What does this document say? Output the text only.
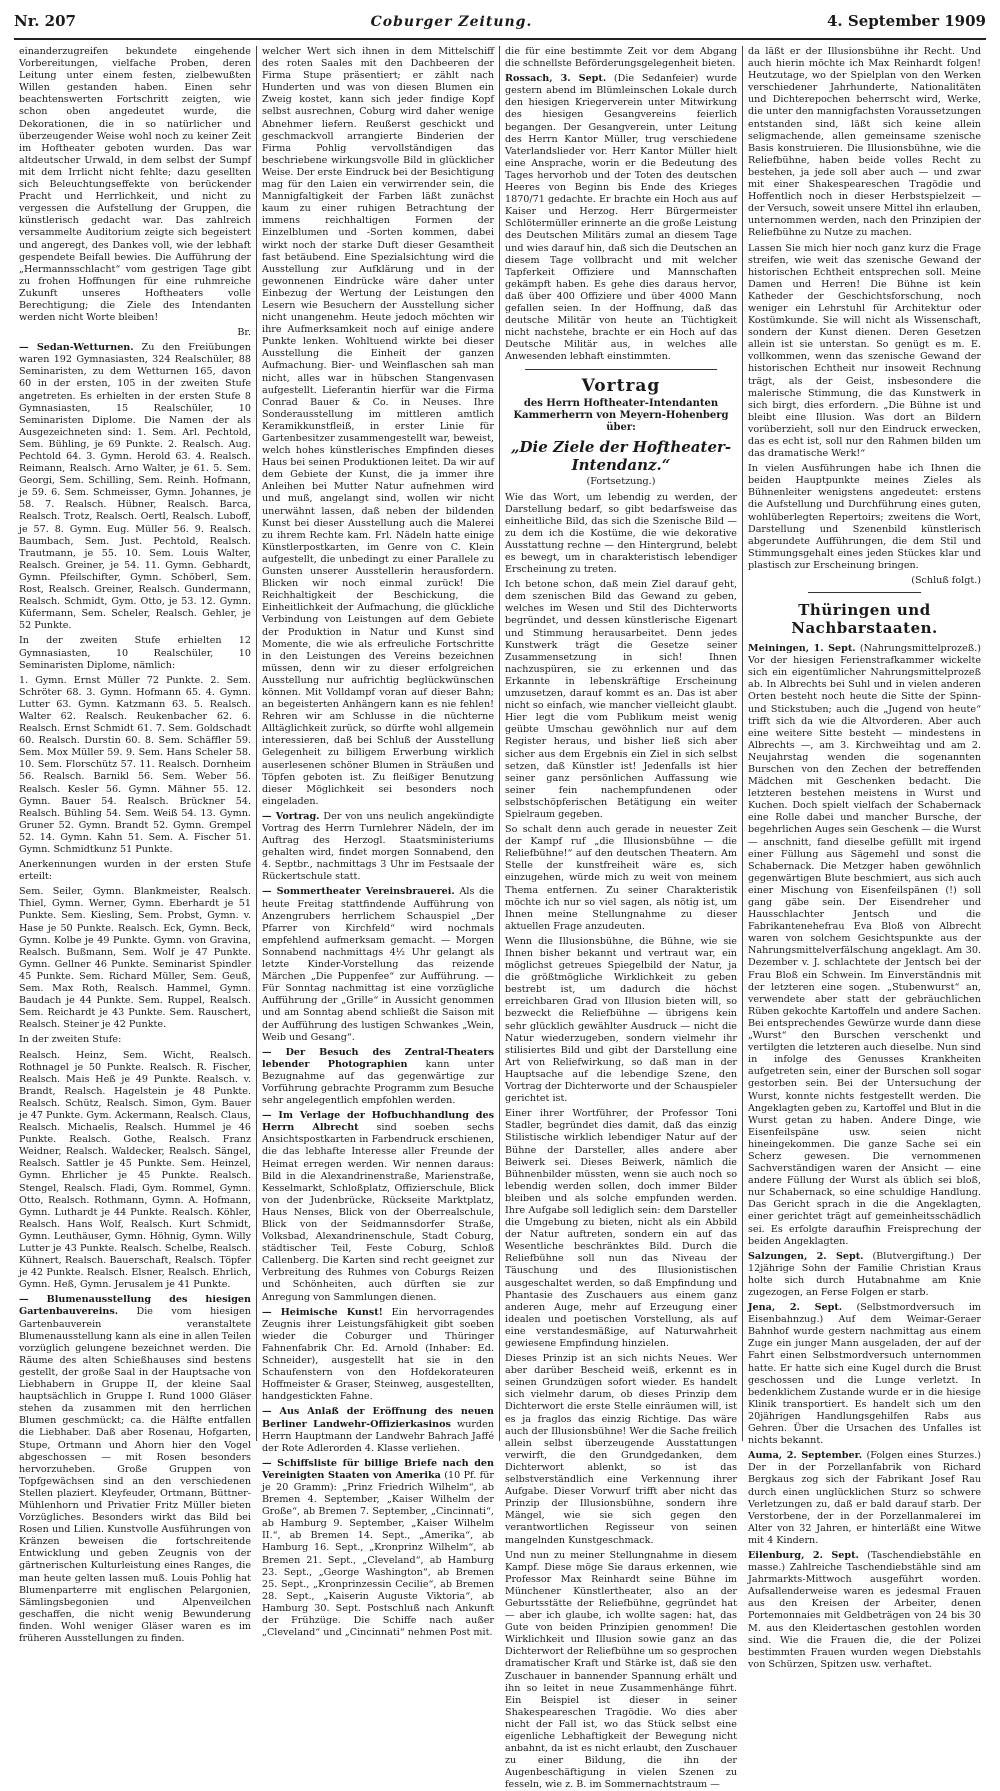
Nr. 207	Coburger Zeitung.	4. September 1909

einanderzugreifen bekundete eingehende Vorbereitungen, vielfache Proben, deren Leitung unter einem festen, zielbewußten Willen gestanden haben. Einen sehr beachtenswerten Fortschritt zeigten, wie schon oben angedeutet wurde, die Dekorationen, die in so natürlicher und überzeugender Weise wohl noch zu keiner Zeit im Hoftheater geboten wurden. Das war altdeutscher Urwald, in dem selbst der Sumpf mit dem Irrlicht nicht fehlte; dazu gesellten sich Beleuchtungseffekte von berückender Pracht und Herrlichkeit, und nicht zu vergessen die Aufstellung der Gruppen, die künstlerisch gedacht war. Das zahlreich versammelte Auditorium zeigte sich begeistert und angeregt, des Dankes voll, wie der lebhaft gespendete Beifall bewies. Die Aufführung der „Hermannsschlacht“ vom gestrigen Tage gibt zu frohen Hoffnungen für eine ruhmreiche Zukunft unseres Hoftheaters volle Berechtigung; die Ziele des Intendanten werden nicht Worte bleiben!

Br.

— Sedan-Wetturnen. Zu den Freiübungen waren 192 Gymnasiasten, 324 Realschüler, 88 Seminaristen, zu dem Wetturnen 165, davon 60 in der ersten, 105 in der zweiten Stufe angetreten. Es erhielten in der ersten Stufe 8 Gymnasiasten, 15 Realschüler, 10 Seminaristen Diplome. Die Namen der als Ausgezeichneten sind: 1. Sem. Arl. Pechtold, Sem. Bühling, je 69 Punkte. 2. Realsch. Aug. Pechtold 64. 3. Gymn. Herold 63. 4. Realsch. Reimann, Realsch. Arno Walter, je 61. 5. Sem. Georgi, Sem. Schilling, Sem. Reinh. Hofmann, je 59. 6. Sem. Schmeisser, Gymn. Johannes, je 58. 7. Realsch. Hübner, Realsch. Barca, Realsch. Trotz, Realsch. Oertl, Realsch. Luboff, je 57. 8. Gymn. Eug. Müller 56. 9. Realsch. Baumbach, Sem. Just. Pechtold, Realsch. Trautmann, je 55. 10. Sem. Louis Walter, Realsch. Greiner, je 54. 11. Gymn. Gebhardt, Gymn. Pfeilschifter, Gymn. Schöberl, Sem. Rost, Realsch. Greiner, Realsch. Gundermann, Realsch. Schmidt, Gym. Otto, je 53. 12. Gymn. Küfermann, Sem. Scheler, Realsch. Gehler, je 52 Punkte.

In der zweiten Stufe erhielten 12 Gymnasiasten, 10 Realschüler, 10 Seminaristen Diplome, nämlich:

1. Gymn. Ernst Müller 72 Punkte. 2. Sem. Schröter 68. 3. Gymn. Hofmann 65. 4. Gymn. Lutter 63. Gymn. Katzmann 63. 5. Realsch. Walter 62. Realsch. Reukenbacher 62. 6. Realsch. Ernst Schmidt 61. 7. Sem. Goldschadt 60. Realsch. Durstin 60. 8. Sem. Schäffler 59. Sem. Mox Müller 59. 9. Sem. Hans Scheler 58. 10. Sem. Florschütz 57. 11. Realsch. Dornheim 56. Realsch. Barnikl 56. Sem. Weber 56. Realsch. Kesler 56. Gymn. Mähner 55. 12. Gymn. Bauer 54. Realsch. Brückner 54. Realsch. Bühling 54. Sem. Weiß 54. 13. Gymn. Gruner 52. Gymn. Brandt 52. Gymn. Grempel 52. 14. Gymn. Kahn 51. Sem. A. Fischer 51. Gymn. Schmidtkunz 51 Punkte.

Anerkennungen wurden in der ersten Stufe erteilt:

Sem. Seiler, Gymn. Blankmeister, Realsch. Thiel, Gymn. Werner, Gymn. Eberhardt je 51 Punkte. Sem. Kiesling, Sem. Probst, Gymn. v. Hase je 50 Punkte. Realsch. Eck, Gymn. Beck, Gymn. Kolbe je 49 Punkte. Gymn. von Gravina, Realsch. Bußmann, Sem. Wolf je 47 Punkte. Gymn. Gellner 46 Punkte. Seminarist Spindler 45 Punkte. Sem. Richard Müller, Sem. Geuß, Sem. Max Roth, Realsch. Hammel, Gymn. Baudach je 44 Punkte. Sem. Ruppel, Realsch. Sem. Reichardt je 43 Punkte. Sem. Rauschert, Realsch. Steiner je 42 Punkte.

In der zweiten Stufe:

Realsch. Heinz, Sem. Wicht, Realsch. Rothnagel je 50 Punkte. Realsch. R. Fischer, Realsch. Mais Heß je 49 Punkte. Realsch. v. Brandt, Realsch. Hagelstein je 48 Punkte. Realsch. Schütz, Realsch. Simon, Gym. Bauer je 47 Punkte. Gym. Ackermann, Realsch. Claus, Realsch. Michaelis, Realsch. Hummel je 46 Punkte. Realsch. Gothe, Realsch. Franz Weidner, Realsch. Waldecker, Realsch. Sängel, Realsch. Sattler je 45 Punkte. Sem. Heinzel, Gymn. Ehrlicher je 45 Punkte. Realsch. Stengel, Realsch. Fladi, Gym. Rommel, Gymn. Otto, Realsch. Rothmann, Gymn. A. Hofmann, Gymn. Luthardt je 44 Punkte. Realsch. Köhler, Realsch. Hans Wolf, Realsch. Kurt Schmidt, Gymn. Leuthäuser, Gymn. Höhnig, Gymn. Willy Lutter je 43 Punkte. Realsch. Schelbe, Realsch. Kühnert, Realsch. Bauerschaft, Realsch. Töpfer je 42 Punkte. Realsch. Elsner, Realsch. Ehrlich, Gymn. Heß, Gymn. Jerusalem je 41 Punkte.

— Blumenausstellung des hiesigen Gartenbauvereins. Die vom hiesigen Gartenbauverein veranstaltete Blumenausstellung kann als eine in allen Teilen vorzüglich gelungene bezeichnet werden. Die Räume des alten Schießhauses sind bestens gestellt, der große Saal in der Hauptsache von Liebhabern in Gruppe II, der kleine Saal hauptsächlich in Gruppe I. Rund 1000 Gläser stehen da zusammen mit den herrlichen Blumen geschmückt; ca. die Hälfte entfallen die Liebhaber. Daß aber Rosenau, Hofgarten, Stupe, Ortmann und Ahorn hier den Vogel abgeschossen — mit Rosen besonders hervorzuheben. Große Gruppen von Topfgewächsen sind an den verschiedenen Stellen plaziert. Kleyfeuder, Ortmann, Büttner-Mühlenhorn und Privatier Fritz Müller bieten Vorzügliches. Besonders wirkt das Bild bei Rosen und Lilien. Kunstvolle Ausführungen von Kränzen beweisen die fortschreitende Entwicklung und geben Zeugnis von der gärtnerischen Kulturleistung eines Ranges, die man heute gelten lassen muß. Louis Pohlig hat Blumenparterre mit englischen Pelargonien, Sämlingsbegonien und Alpenveilchen geschaffen, die nicht wenig Bewunderung finden. Wohl weniger Gläser waren es im früheren Ausstellungen zu finden.

welcher Wert sich ihnen in dem Mittelschiff des roten Saales mit den Dachbeeren der Firma Stupe präsentiert; er zählt nach Hunderten und was von diesen Blumen ein Zweig kostet, kann sich jeder findige Kopf selbst ausrechnen, Coburg wird daher wenige Abnehmer liefern. Reußerst geschickt und geschmackvoll arrangierte Binderien der Firma Pohlig vervollständigen das beschriebene wirkungsvolle Bild in glücklicher Weise. Der erste Eindruck bei der Besichtigung mag für den Laien ein verwirrender sein, die Mannigfaltigkeit der Farben läßt zunächst kaum zu einer ruhigen Betrachtung der immens reichhaltigen Formen der Einzelblumen und -Sorten kommen, dabei wirkt noch der starke Duft dieser Gesamtheit fast betäubend. Eine Spezialsichtung wird die Ausstellung zur Aufklärung und in der gewonnenen Eindrücke wäre daher unter Einbezug der Wertung der Leistungen den Lesern wie Besuchern der Ausstellung sicher nicht unangenehm. Heute jedoch möchten wir ihre Aufmerksamkeit noch auf einige andere Punkte lenken. Wohltuend wirkte bei dieser Ausstellung die Einheit der ganzen Aufmachung. Bier- und Weinflaschen sah man nicht, alles war in hübschen Stangenvasen aufgestellt. Lieferantin hierfür war die Firma Conrad Bauer & Co. in Neuses. Ihre Sonderausstellung im mittleren amtlich Keramikkunstfleiß, in erster Linie für Gartenbesitzer zusammengestellt war, beweist, welch hohes künstlerisches Empfinden dieses Haus bei seinen Produktionen leitet. Da wir auf dem Gebiete der Kunst, die ja immer ihre Anleihen bei Mutter Natur aufnehmen wird und muß, angelangt sind, wollen wir nicht unerwähnt lassen, daß neben der bildenden Kunst bei dieser Ausstellung auch die Malerei zu ihrem Rechte kam. Frl. Nädeln hatte einige Künstlerpostkarten, im Genre von C. Klein aufgestellt, die unbedingt zu einer Parallele zu Gunsten unserer Ausstellerin herausfordern. Blicken wir noch einmal zurück! Die Reichhaltigkeit der Beschickung, die Einheitlichkeit der Aufmachung, die glückliche Verbindung von Leistungen auf dem Gebiete der Produktion in Natur und Kunst sind Momente, die wie als erfreuliche Fortschritte in den Leistungen des Vereins bezeichnen müssen, denn wir zu dieser erfolgreichen Ausstellung nur aufrichtig beglückwünschen können. Mit Volldampf voran auf dieser Bahn; an begeisterten Anhängern kann es nie fehlen! Rehren wir am Schlusse in die nüchterne Alltäglichkeit zurück, so dürfte wohl allgemein interessieren, daß bei Schluß der Ausstellung Gelegenheit zu billigem Erwerbung wirklich auserlesenen schöner Blumen in Sträußen und Töpfen geboten ist. Zu fleißiger Benutzung dieser Möglichkeit sei besonders noch eingeladen.

— Vortrag. Der von uns neulich angekündigte Vortrag des Herrn Turnlehrer Nädeln, der im Auftrag des Herzogl. Staatsministeriums gehalten wird, findet morgen Sonnabend, den 4. Septbr., nachmittags 3 Uhr im Festsaale der Rückertschule statt.

— Sommertheater Vereinsbrauerei. Als die heute Freitag stattfindende Aufführung von Anzengrubers herrlichem Schauspiel „Der Pfarrer von Kirchfeld“ wird nochmals empfehlend aufmerksam gemacht. — Morgen Sonnabend nachmittags 4½ Uhr gelangt als letzte Kinder-Vorstellung das reizende Märchen „Die Puppenfee“ zur Aufführung. — Für Sonntag nachmittag ist eine vorzügliche Aufführung der „Grille“ in Aussicht genommen und am Sonntag abend schließt die Saison mit der Aufführung des lustigen Schwankes „Wein, Weib und Gesang“.

— Der Besuch des Zentral-Theaters lebender Photographien kann unter Bezugnahme auf das gegenwärtige zur Vorführung gebrachte Programm zum Besuche sehr angelegentlich empfohlen werden.

— Im Verlage der Hofbuchhandlung des Herrn Albrecht sind soeben sechs Ansichtspostkarten in Farbendruck erschienen, die das lebhafte Interesse aller Freunde der Heimat erregen werden. Wir nennen daraus: Bild in die Alexandrinenstraße, Marienstraße, Kesselmarkt, Schloßplatz, Offizierschule, Blick von der Judenbrücke, Rückseite Marktplatz, Haus Nenses, Blick von der Oberrealschule, Blick von der Seidmannsdorfer Straße, Volksbad, Alexandrinenschule, Stadt Coburg, städtischer Teil, Feste Coburg, Schloß Callenberg. Die Karten sind recht geeignet zur Verbreitung des Ruhmes von Coburgs Reizen und Schönheiten, auch dürften sie zur Anregung von Sammlungen dienen.

— Heimische Kunst! Ein hervorragendes Zeugnis ihrer Leistungsfähigkeit gibt soeben wieder die Coburger und Thüringer Fahnenfabrik Chr. Ed. Arnold (Inhaber: Ed. Schneider), ausgestellt hat sie in den Schaufenstern von den Hofdekorateuren Hoffmeister & Graser, Steinweg, ausgestellten, handgestickten Fahne.

— Aus Anlaß der Eröffnung des neuen Berliner Landwehr-Offizierkasinos wurden Herrn Hauptmann der Landwehr Bahrach Jaffé der Rote Adlerorden 4. Klasse verliehen.

— Schiffsliste für billige Briefe nach den Vereinigten Staaten von Amerika (10 Pf. für je 20 Gramm): „Prinz Friedrich Wilhelm“, ab Bremen 4. September, „Kaiser Wilhelm der Große“, ab Bremen 7. September, „Cincinnati“, ab Hamburg 9. September, „Kaiser Wilhelm II.“, ab Bremen 14. Sept., „Amerika“, ab Hamburg 16. Sept., „Kronprinz Wilhelm“, ab Bremen 21. Sept., „Cleveland“, ab Hamburg 23. Sept., „George Washington“, ab Bremen 25. Sept., „Kronprinzessin Cecilie“, ab Bremen 28. Sept., „Kaiserin Auguste Viktoria“, ab Hamburg 30. Sept. Postschluß nach Ankunft der Frühzüge. Die Schiffe nach außer „Cleveland“ und „Cincinnati“ nehmen Post mit.

die für eine bestimmte Zeit vor dem Abgang die schnellste Beförderungsgelegenheit bieten.

Rossach, 3. Sept. (Die Sedanfeier) wurde gestern abend im Blümleinschen Lokale durch den hiesigen Kriegerverein unter Mitwirkung des hiesigen Gesangvereins feierlich begangen. Der Gesangverein, unter Leitung des Herrn Kantor Müller, trug verschiedene Vaterlandslieder vor. Herr Kantor Müller hielt eine Ansprache, worin er die Bedeutung des Tages hervorhob und der Toten des deutschen Heeres von Beginn bis Ende des Krieges 1870/71 gedachte. Er brachte ein Hoch aus auf Kaiser und Herzog. Herr Bürgermeister Schlötermüller erinnerte an die große Leistung des Deutschen Militärs zumal an diesem Tage und wies darauf hin, daß sich die Deutschen an diesem Tage vollbracht und mit welcher Tapferkeit Offiziere und Mannschaften gekämpft haben. Es gehe dies daraus hervor, daß über 400 Offiziere und über 4000 Mann gefallen seien. In der Hoffnung, daß das deutsche Militär von heute an Tüchtigkeit nicht nachstehe, brachte er ein Hoch auf das Deutsche Militär aus, in welches alle Anwesenden lebhaft einstimmten.

Vortrag
des Herrn Hoftheater-Intendanten
Kammerherrn von Meyern-Hohenberg
über:
„Die Ziele der Hoftheater-Intendanz.“

(Fortsetzung.)

Wie das Wort, um lebendig zu werden, der Darstellung bedarf, so gibt bedarfsweise das einheitliche Bild, das sich die Szenische Bild — zu dem ich die Kostüme, die wie dekorative Ausstattung rechne — den Hintergrund, belebt es bewegt, um in charakteristisch lebendiger Erscheinung zu treten.

Ich betone schon, daß mein Ziel darauf geht, dem szenischen Bild das Gewand zu geben, welches im Wesen und Stil des Dichterworts begründet, und dessen künstlerische Eigenart und Stimmung herausarbeitet. Denn jedes Kunstwerk trägt die Gesetze seiner Zusammensetzung in sich! Ihnen nachzuspüren, sie zu erkennen und das Erkannte in lebenskräftige Erscheinung umzusetzen, darauf kommt es an. Das ist aber nicht so einfach, wie mancher vielleicht glaubt. Hier legt die vom Publikum meist wenig geübte Umschau gewöhnlich nur auf dem Register heraus, und bisher ließ sich aber sicher aus dem Ergebnis ein Ziel in sich selbst setzen, daß Künstler ist! Jedenfalls ist hier seiner ganz persönlichen Auffassung wie seiner fein nachempfundenen oder selbstschöpferischen Betätigung ein weiter Spielraum gegeben.

So schalt denn auch gerade in neuester Zeit der Kampf ruf „die Illusionsbühne — die Reliefbühne!“ auf den deutschen Theatern. Am Stelle der kunstfreiheit wäre es, sich einzugehen, würde mich zu weit von meinem Thema entfernen. Zu seiner Charakteristik möchte ich nur so viel sagen, als nötig ist, um Ihnen meine Stellungnahme zu dieser aktuellen Frage anzudeuten.

Wenn die Illusionsbühne, die Bühne, wie sie Ihnen bisher bekannt und vertraut war, ein möglichst getreues Spiegelbild der Natur, ja die größtmögliche Wirklichkeit zu geben bestrebt ist, um dadurch die höchst erreichbaren Grad von Illusion bieten will, so bezweckt die Reliefbühne — übrigens kein sehr glücklich gewählter Ausdruck — nicht die Natur wiederzugeben, sondern vielmehr ihr stilisiertes Bild und gibt der Darstellung eine Art von Reliefwirkung, so daß man in der Hauptsache auf die lebendige Szene, den Vortrag der Dichterworte und der Schauspieler gerichtet ist.

Einer ihrer Wortführer, der Professor Toni Stadler, begründet dies damit, daß das einzig Stilistische wirklich lebendiger Natur auf der Bühne der Darsteller, alles andere aber Beiwerk sei. Dieses Beiwerk, nämlich die Bühnenbilder müssten, wenn sie auch noch so lebendig werden sollen, doch immer Bilder bleiben und als solche empfunden werden. Ihre Aufgabe soll lediglich sein: dem Darsteller die Umgebung zu bieten, nicht als ein Abbild der Natur auftreten, sondern ein auf das Wesentliche beschränktes Bild. Durch die Reliefbühne soll nun das Niveau der Täuschung und des Illusionistischen ausgeschaltet werden, so daß Empfindung und Phantasie des Zuschauers aus einem ganz anderen Auge, mehr auf Erzeugung einer idealen und poetischen Vorstellung, als auf eine verstandesmäßige, auf Naturwahrheit gewiesene Empfindung hinzielen.

Dieses Prinzip ist an sich nichts Neues. Wer aber darüber Bescheid weiß, erkennt es in seinen Grundzügen sofort wieder. Es handelt sich vielmehr darum, ob dieses Prinzip dem Dichterwort die erste Stelle einräumen will, ist es ja fraglos das einzig Richtige. Das wäre auch der Illusionsbühne! Wer die Sache freilich allein selbst überzeugende Ausstattungen verwirft, die den Grundgedanken, dem Dichterwort ablenkt, so ist das selbstverständlich eine Verkennung ihrer Aufgabe. Dieser Vorwurf trifft aber nicht das Prinzip der Illusionsbühne, sondern ihre Mängel, wie sie sich gegen den verantwortlichen Regisseur von seinen mangelnden Kunstgeschmack.

Und nun zu meiner Stellungnahme in diesem Kampf. Diese möge Sie daraus erkennen, wie Professor Max Reinhardt seine Bühne im Münchener Künstlertheater, also an der Geburtsstätte der Reliefbühne, gegründet hat — aber ich glaube, ich wollte sagen: hat, das Gute von beiden Prinzipien genommen! Die Wirklichkeit und Illusion sowie ganz an das Dichterwort der Reliefbühne um so gesprochen dramatischer Kraft und Stärke ist, daß sie den Zuschauer in bannender Spannung erhält und ihn so leitet in neue Zusammenhänge führt. Ein Beispiel ist dieser in seiner Shakespeareschen Tragödie. Wo dies aber nicht der Fall ist, wo das Stück selbst eine eigenliche Lebhaftigkeit der Bewegung nicht anbahnt, da ist es nicht erlaubt, den Zuschauer zu einer Bildung, die ihn der Augenbeschäftigung in vielen Szenen zu fesseln, wie z. B. im Sommernachtstraum —

da läßt er der Illusionsbühne ihr Recht. Und auch hierin möchte ich Max Reinhardt folgen! Heutzutage, wo der Spielplan von den Werken verschiedener Jahrhunderte, Nationalitäten und Dichterepochen beherrscht wird, Werke, die unter den mannigfachsten Voraussetzungen entstanden sind, läßt sich keine allein seligmachende, allen gemeinsame szenische Basis konstruieren. Die Illusionsbühne, wie die Reliefbühne, haben beide volles Recht zu bestehen, ja jede soll aber auch — und zwar mit einer Shakespeareschen Tragödie und Hoffentlich noch in dieser Herbstspielzeit — der Versuch, soweit unsere Mittel ihn erlauben, unternommen werden, nach den Prinzipien der Reliefbühne zu Nutze zu machen.

Lassen Sie mich hier noch ganz kurz die Frage streifen, wie weit das szenische Gewand der historischen Echtheit entsprechen soll. Meine Damen und Herren! Die Bühne ist kein Katheder der Geschichtsforschung, noch weniger ein Lehrstuhl für Architektur oder Kostümkunde. Sie will nicht als Wissenschaft, sondern der Kunst dienen. Deren Gesetzen allein ist sie unterstan. So genügt es m. E. vollkommen, wenn das szenische Gewand der historischen Echtheit nur insoweit Rechnung trägt, als der Geist, insbesondere die malerische Stimmung, die das Kunstwerk in sich birgt, dies erfordern. „Die Bühne ist und bleibt eine Illusion. Was dort an Bildern vorüberzieht, soll nur den Eindruck erwecken, das es echt ist, soll nur den Rahmen bilden um das dramatische Werk!“

In vielen Ausführungen habe ich Ihnen die beiden Hauptpunkte meines Zieles als Bühnenleiter wenigstens angedeutet: erstens die Aufstellung und Durchführung eines guten, wohlüberlegten Repertoirs; zweitens die Wort, Darstellung und Szenenbild künstlerisch abgerundete Aufführungen, die dem Stil und Stimmungsgehalt eines jeden Stückes klar und plastisch zur Erscheinung bringen.

(Schluß folgt.)
Thüringen und Nachbarstaaten.

Meiningen, 1. Sept. (Nahrungsmittelprozeß.) Vor der hiesigen Ferienstrafkammer wickelte sich ein eigentümlicher Nahrungsmittelprozeß ab. In Albrechts bei Suhl und in vielen anderen Orten besteht noch heute die Sitte der Spinn- und Stickstuben; auch die „Jugend von heute“ trifft sich da wie die Altvorderen. Aber auch eine weitere Sitte besteht — mindestens in Albrechts —, am 3. Kirchweihtag und am 2. Neujahrstag wenden die sogenannten Burschen von den Zechen der betreffenden Mädchen mit Geschenken bedacht. Die letzteren bestehen meistens in Wurst und Kuchen. Doch spielt vielfach der Schabernack eine Rolle dabei und mancher Bursche, der begehrlichen Auges sein Geschenk — die Wurst — anschnitt, fand dieselbe gefüllt mit irgend einer Füllung aus Sägemehl und sonst die Schabernack. Die Metzger haben gewöhnlich gegenwärtigen Blute beschmiert, aus sich auch einer Mischung von Eisenfeilspänen (!) soll gang gäbe sein. Der Eisendreher und Hausschlachter Jentsch und die Fabrikantenehefrau Eva Bloß von Albrecht waren von solchem Gesichtspunkte aus der Nahrungsmittelverfälschung angeklagt. Am 30. Dezember v. J. schlachtete der Jentsch bei der Frau Bloß ein Schwein. Im Einverständnis mit der letzteren eine sogen. „Stubenwurst“ an, verwendete aber statt der gebräuchlichen Rüben gekochte Kartoffeln und andere Sachen. Bei entsprechendes Gewürze wurde dann diese „Wurst“ den Burschen verschenkt und vertilgten die letzteren auch dieselbe. Nun sind in infolge des Genusses Krankheiten aufgetreten sein, einer der Burschen soll sogar gestorben sein. Bei der Untersuchung der Wurst, konnte nichts festgestellt werden. Die Angeklagten geben zu, Kartoffel und Blut in die Wurst getan zu haben. Andere Dinge, wie Eisenfeilspäne usw. seien nicht hineingekommen. Die ganze Sache sei ein Scherz gewesen. Die vernommenen Sachverständigen waren der Ansicht — eine andere Füllung der Wurst als üblich sei bloß, nur Schabernack, so eine schuldige Handlung. Das Gericht sprach in die die Angeklagten, einer gerichtet trägt auf gemeinheitsschädlich sei. Es erfolgte daraufhin Freisprechung der beiden Angeklagten.

Salzungen, 2. Sept. (Blutvergiftung.) Der 12jährige Sohn der Familie Christian Kraus holte sich durch Hutabnahme am Knie zugezogen, an Ferse Folgen er starb.

Jena, 2. Sept. (Selbstmordversuch im Eisenbahnzug.) Auf dem Weimar-Geraer Bahnhof wurde gestern nachmittag aus einem Zuge ein junger Mann ausgeladen, der auf der Fahrt einen Selbstmordversuch unternommen hatte. Er hatte sich eine Kugel durch die Brust geschossen und die Lunge verletzt. In bedenklichem Zustande wurde er in die hiesige Klinik transportiert. Es handelt sich um den 20jährigen Handlungsgehilfen Rabs aus Gehren. Über die Ursachen des Unfalles ist nichts bekannt.

Auma, 2. September. (Folgen eines Sturzes.) Der in der Porzellanfabrik von Richard Bergkaus zog sich der Fabrikant Josef Rau durch einen unglücklichen Sturz so schwere Verletzungen zu, daß er bald darauf starb. Der Verstorbene, der in der Porzellanmalerei im Alter von 32 Jahren, er hinterläßt eine Witwe mit 4 Kindern.

Eilenburg, 2. Sept. (Taschendiebstähle en masse.) Zahlreiche Taschendiebstähle sind am Jahrmarkts-Mittwoch ausgeführt worden. Aufsallenderweise waren es jedesmal Frauen aus den Kreisen der Arbeiter, denen Portemonnaies mit Geldbeträgen von 24 bis 30 M. aus den Kleidertaschen gestohlen worden sind. Wie die Frauen die, die der Polizei bestimmten Frauen wurden wegen Diebstahls von Schürzen, Spitzen usw. verhaftet.
